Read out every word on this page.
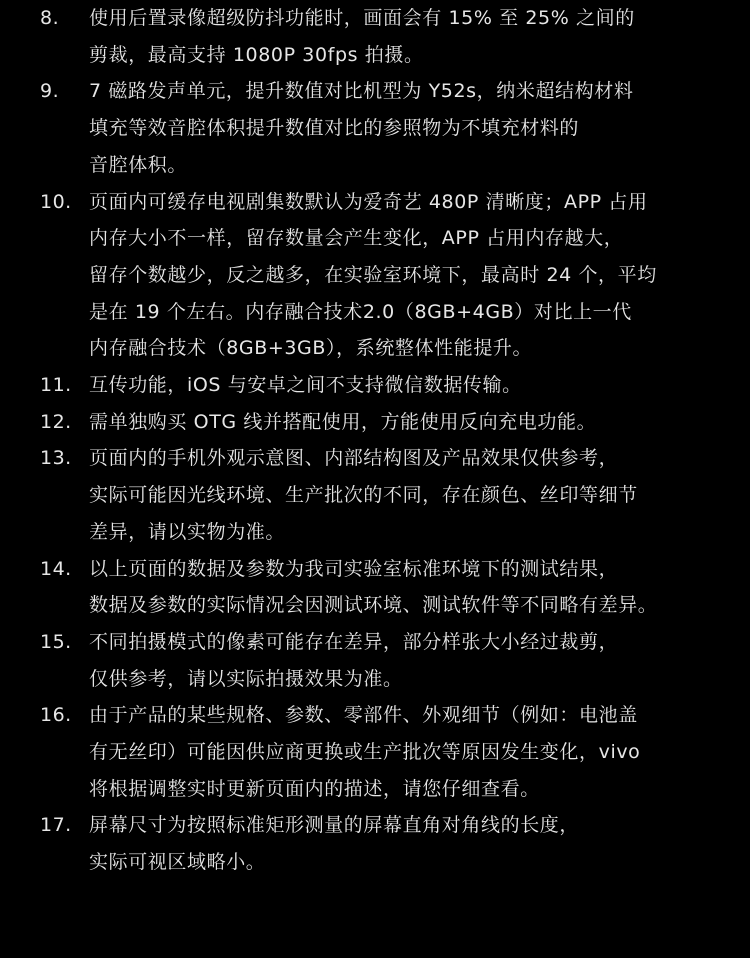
8. 使用后置录像超级防抖功能时，画面会有 15% 至 25% 之间的
剪裁，最高支持 1080P 30fps 拍摄。
9. 7 磁路发声单元，提升数值对比机型为 Y52s，纳米超结构材料
填充等效音腔体积提升数值对比的参照物为不填充材料的
音腔体积。
10. 页面内可缓存电视剧集数默认为爱奇艺 480P 清晰度；APP 占用
内存大小不一样，留存数量会产生变化，APP 占用内存越大，
留存个数越少，反之越多，在实验室环境下，最高时 24 个，平均
是在 19 个左右。内存融合技术2.0（8GB+4GB）对比上一代
内存融合技术（8GB+3GB），系统整体性能提升。
11. 互传功能，iOS 与安卓之间不支持微信数据传输。
12. 需单独购买 OTG 线并搭配使用，方能使用反向充电功能。
13. 页面内的手机外观示意图、内部结构图及产品效果仅供参考，
实际可能因光线环境、生产批次的不同，存在颜色、丝印等细节
差异，请以实物为准。
14. 以上页面的数据及参数为我司实验室标准环境下的测试结果，
数据及参数的实际情况会因测试环境、测试软件等不同略有差异。
15. 不同拍摄模式的像素可能存在差异，部分样张大小经过裁剪，
仅供参考，请以实际拍摄效果为准。
16. 由于产品的某些规格、参数、零部件、外观细节（例如：电池盖
有无丝印）可能因供应商更换或生产批次等原因发生变化，vivo
将根据调整实时更新页面内的描述，请您仔细查看。
17. 屏幕尺寸为按照标准矩形测量的屏幕直角对角线的长度，
实际可视区域略小。
